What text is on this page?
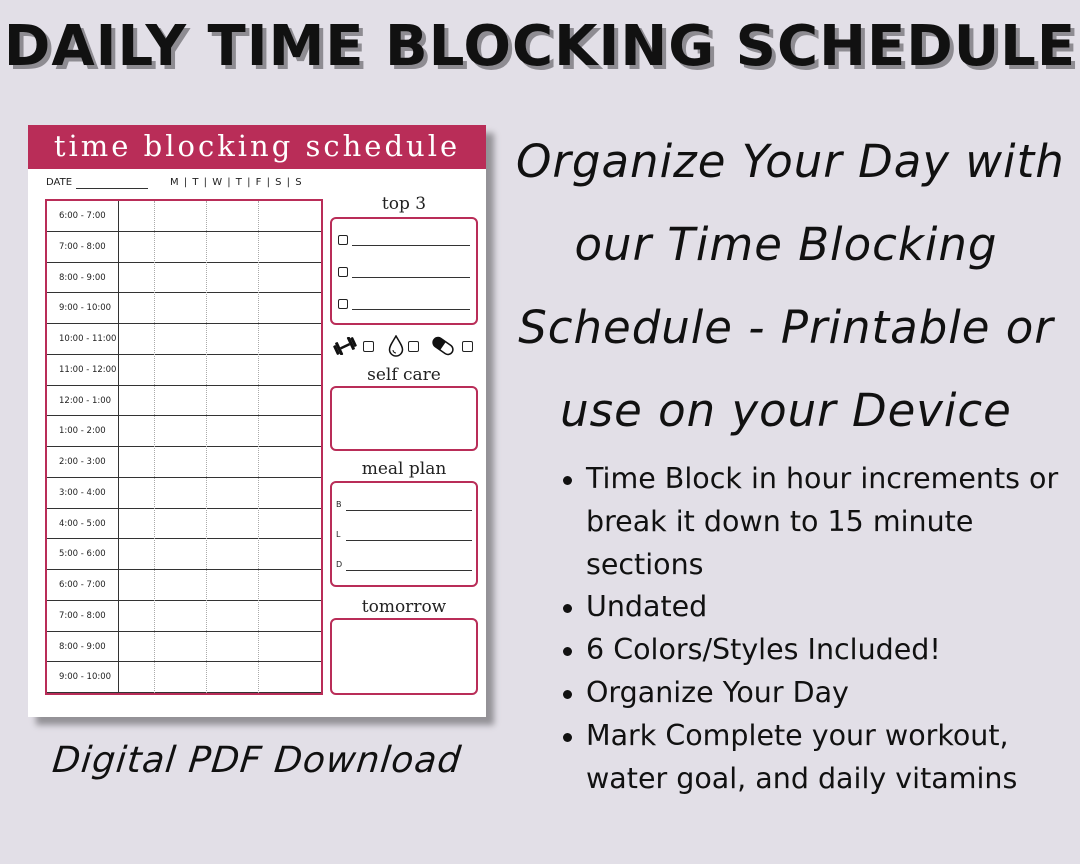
DAILY TIME BLOCKING SCHEDULE
time blocking schedule
DATE	M | T | W | T | F | S | S
6:00 - 7:00
7:00 - 8:00
8:00 - 9:00
9:00 - 10:00
10:00 - 11:00
11:00 - 12:00
12:00 - 1:00
1:00 - 2:00
2:00 - 3:00
3:00 - 4:00
4:00 - 5:00
5:00 - 6:00
6:00 - 7:00
7:00 - 8:00
8:00 - 9:00
9:00 - 10:00
top 3
self care
meal plan
B
L
D
tomorrow
Digital PDF Download
Organize Your Day with
our Time Blocking
Schedule - Printable or
use on your Device
Time Block in hour increments or break it down to 15 minute sections
Undated
6 Colors/Styles Included!
Organize Your Day
Mark Complete your workout, water goal, and daily vitamins
